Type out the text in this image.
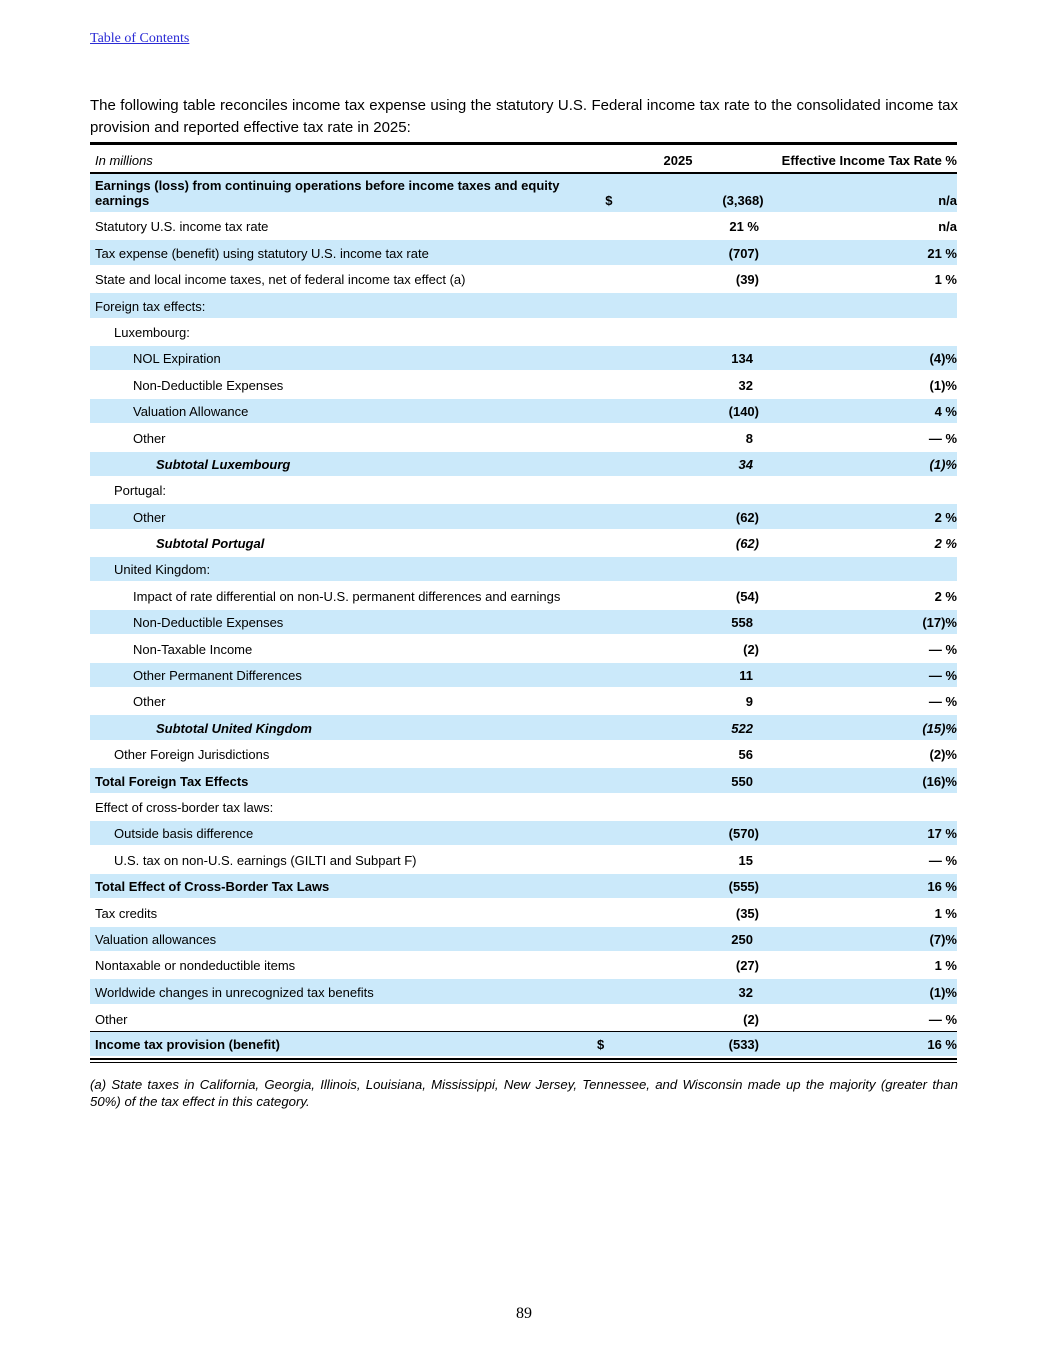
Table of Contents

The following table reconciles income tax expense using the statutory U.S. Federal income tax rate to the consolidated income tax provision and reported effective tax rate in 2025:

In millions	2025	Effective Income Tax Rate %
Earnings (loss) from continuing operations before income taxes and equity earnings	$	(3,368)	n/a
Statutory U.S. income tax rate	21 %	n/a
Tax expense (benefit) using statutory U.S. income tax rate	(707)	21 %
State and local income taxes, net of federal income tax effect (a)	(39)	1 %
Foreign tax effects:
Luxembourg:
NOL Expiration	134	(4)%
Non-Deductible Expenses	32	(1)%
Valuation Allowance	(140)	4 %
Other	8	— %
Subtotal Luxembourg	34	(1)%
Portugal:
Other	(62)	2 %
Subtotal Portugal	(62)	2 %
United Kingdom:
Impact of rate differential on non-U.S. permanent differences and earnings	(54)	2 %
Non-Deductible Expenses	558	(17)%
Non-Taxable Income	(2)	— %
Other Permanent Differences	11	— %
Other	9	— %
Subtotal United Kingdom	522	(15)%
Other Foreign Jurisdictions	56	(2)%
Total Foreign Tax Effects	550	(16)%
Effect of cross-border tax laws:
Outside basis difference	(570)	17 %
U.S. tax on non-U.S. earnings (GILTI and Subpart F)	15	— %
Total Effect of Cross-Border Tax Laws	(555)	16 %
Tax credits	(35)	1 %
Valuation allowances	250	(7)%
Nontaxable or nondeductible items	(27)	1 %
Worldwide changes in unrecognized tax benefits	32	(1)%
Other	(2)	— %
Income tax provision (benefit)	$	(533)	16 %

(a) State taxes in California, Georgia, Illinois, Louisiana, Mississippi, New Jersey, Tennessee, and Wisconsin made up the majority (greater than 50%) of the tax effect in this category.

89
